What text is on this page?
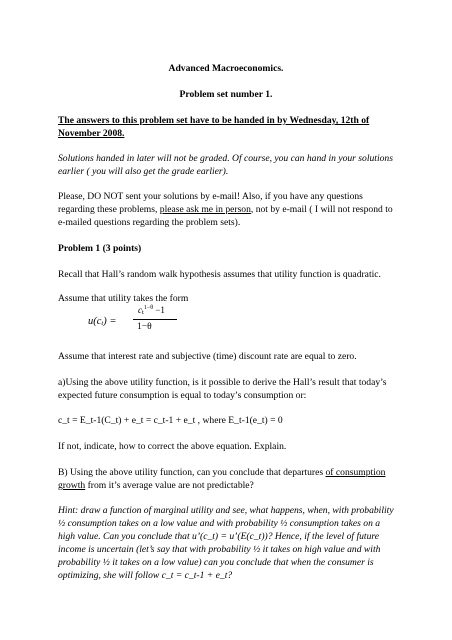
Advanced Macroeconomics.

Problem set number 1.

The answers to this problem set have to be handed in by Wednesday, 12th of November 2008.

Solutions handed in later will not be graded. Of course, you can hand in your solutions earlier ( you will also get the grade earlier).

Please, DO NOT sent your solutions by e-mail! Also, if you have any questions regarding these problems, please ask me in person, not by e-mail ( I will not respond to e-mailed questions regarding the problem sets).

Problem 1 (3 points)

Recall that Hall’s random walk hypothesis assumes that utility function is quadratic.

Assume that utility takes the form

$u(c_t)$ =
$c_t^{1-\theta} -1$
1−θ

Assume that interest rate and subjective (time) discount rate are equal to zero.

a)Using the above utility function, is it possible to derive the Hall’s result that today’s expected future consumption is equal to today’s consumption or:

c_t = E_t-1(C_t) + e_t = c_t-1 + e_t , where E_t-1(e_t) = 0

If not, indicate, how to correct the above equation. Explain.

B) Using the above utility function, can you conclude that departures of consumption growth from it’s average value are not predictable?

Hint: draw a function of marginal utility and see, what happens, when, with probability ½ consumption takes on a low value and with probability ½ consumption takes on a high value. Can you conclude that u’(c_t) = u’(E(c_t))? Hence, if the level of future income is uncertain (let’s say that with probability ½ it takes on high value and with probability ½ it takes on a low value) can you conclude that when the consumer is optimizing, she will follow c_t = c_t-1 + e_t?
